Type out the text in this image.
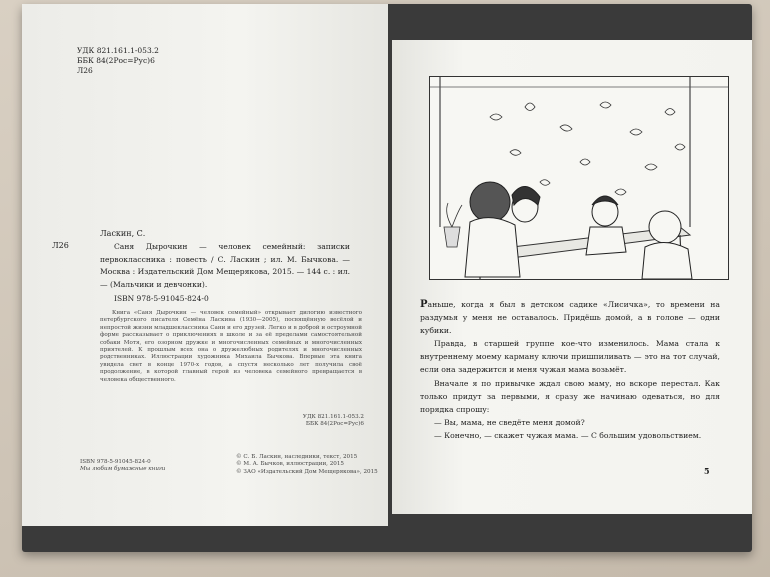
УДК 821.161.1-053.2
ББК 84(2Рос=Рус)6
Л26
Л26
Ласкин, С.
Саня Дырочкин — человек семейный: записки первоклассника : повесть / С. Ласкин ; ил. М. Бычкова. — Москва : Издательский Дом Мещерякова, 2015. — 144 с. : ил. — (Мальчики и девчонки).
ISBN 978-5-91045-824-0
Книга «Саня Дырочкин — человек семейный» открывает дилогию известного петербургского писателя Семёна Ласкина (1930—2005), посвящённую весёлой и непростой жизни младшеклассника Сани и его друзей. Легко и в доброй и остроумной форме рассказывает о приключениях в школе и за её пределами самостоятельной собаки Мотя, его озорном дружке и многочисленных семейных и многочисленных приятелей. К прошлым всех она о дружелюбных родителях и многочисленных родственниках. Иллюстрации художника Михаила Бычкова. Впервые эта книга увидела свет в конце 1970-х годов, а спустя несколько лет получила своё продолжение, в которой главный герой из человека семейного превращается в человека общественного.
УДК 821.161.1-053.2
ББК 84(2Рос=Рус)6
ISBN 978-5-91045-824-0
Мы любим бумажные книги
© С. Б. Ласкин, наследники, текст, 2015
© М. А. Бычков, иллюстрации, 2015
© ЗАО «Издательский Дом Мещерякова», 2015

Раньше, когда я был в детском садике «Лисичка», то времени на раздумья у меня не оставалось. Придёшь домой, а в голове — одни кубики.

Правда, в старшей группе кое-что изменилось. Мама стала к внутреннему моему карману ключи пришпиливать — это на тот случай, если она задержится и меня чужая мама возьмёт.

Вначале я по привычке ждал свою маму, но вскоре перестал. Как только придут за первыми, я сразу же начинаю одеваться, но для порядка спрошу:

— Вы, мама, не сведёте меня домой?

— Конечно, — скажет чужая мама. — С большим удовольствием.

5
